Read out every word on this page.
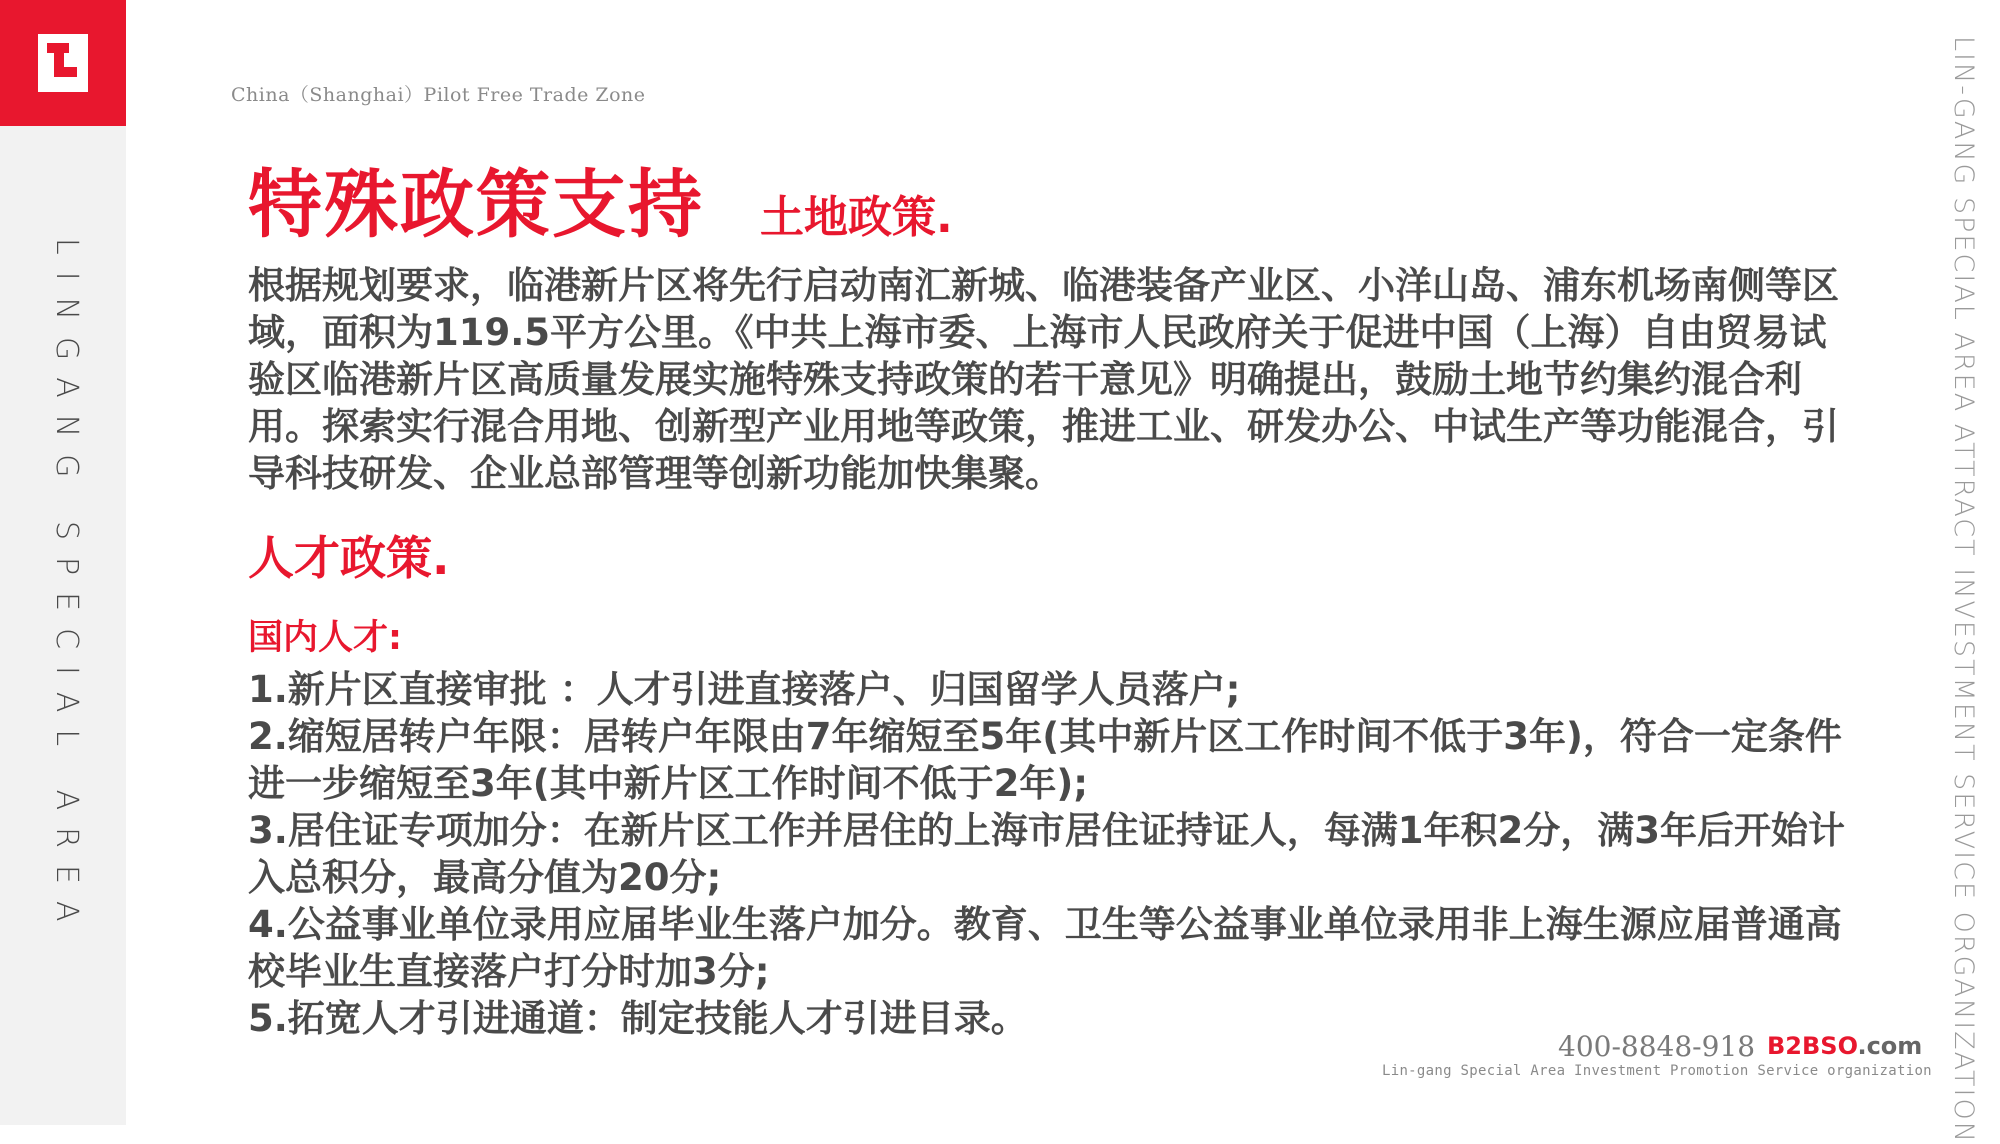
LINGANG SPECIAL AREA
China（Shanghai）Pilot Free Trade Zone	LIN-GANG SPECIAL AREA ATTRACT INVESTMENT SERVICE ORGANIZATION
特殊政策支持 土地政策.
根据规划要求，临港新片区将先行启动南汇新城、临港装备产业区、小洋山岛、浦东机场南侧等区域，面积为119.5平方公里。《中共上海市委、上海市人民政府关于促进中国（上海）自由贸易试验区临港新片区高质量发展实施特殊支持政策的若干意见》明确提出，鼓励土地节约集约混合利用。探索实行混合用地、创新型产业用地等政策，推进工业、研发办公、中试生产等功能混合，引导科技研发、企业总部管理等创新功能加快集聚。
人才政策.
国内人才:
1.新片区直接审批 ：人才引进直接落户、归国留学人员落户;
2.缩短居转户年限：居转户年限由7年缩短至5年(其中新片区工作时间不低于3年)，符合一定条件进一步缩短至3年(其中新片区工作时间不低于2年);
3.居住证专项加分：在新片区工作并居住的上海市居住证持证人，每满1年积2分，满3年后开始计入总积分，最高分值为20分;
4.公益事业单位录用应届毕业生落户加分。教育、卫生等公益事业单位录用非上海生源应届普通高校毕业生直接落户打分时加3分;
5.拓宽人才引进通道：制定技能人才引进目录。
400-8848-918 B2BSO.com
Lin-gang Special Area Investment Promotion Service organization
